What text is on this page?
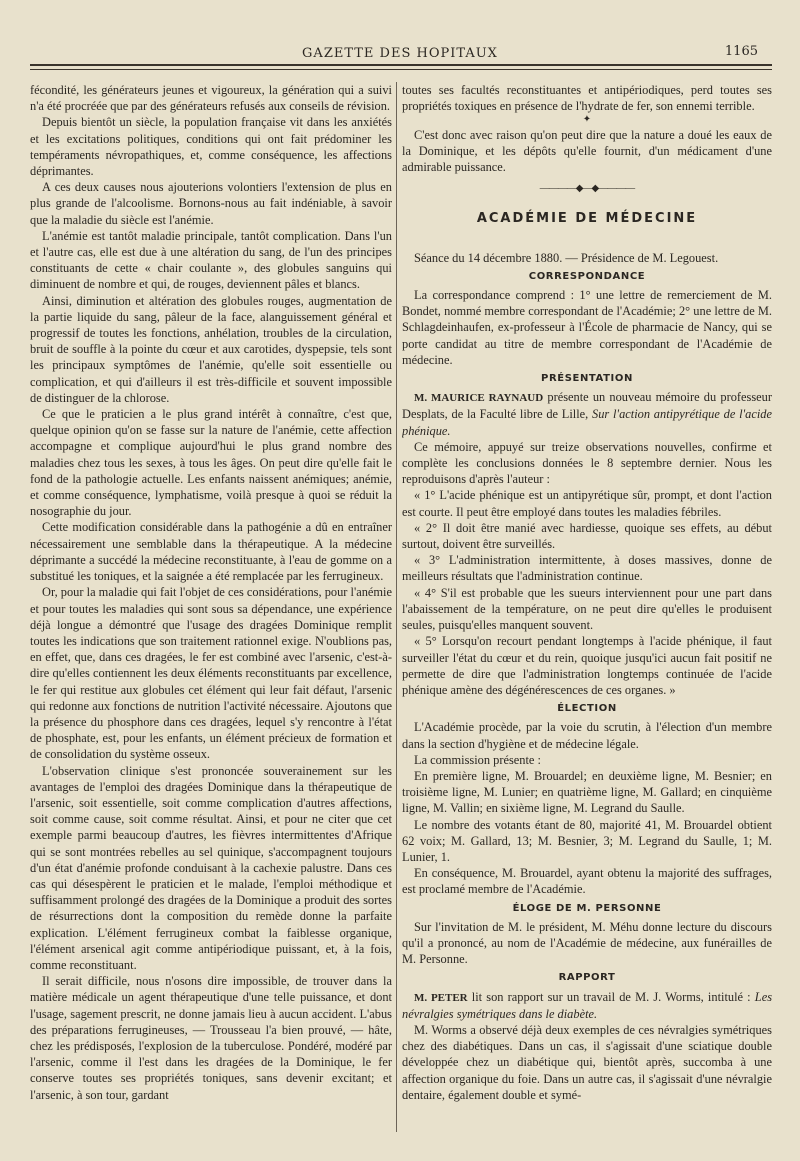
GAZETTE DES HOPITAUX	1165

fécondité, les générateurs jeunes et vigoureux, la génération qui a suivi n'a été procréée que par des générateurs refusés aux conseils de révision.

Depuis bientôt un siècle, la population française vit dans les anxiétés et les excitations politiques, conditions qui ont fait prédominer les tempéraments névropathiques, et, comme conséquence, les affections déprimantes.

A ces deux causes nous ajouterions volontiers l'extension de plus en plus grande de l'alcoolisme. Bornons-nous au fait indéniable, à savoir que la maladie du siècle est l'anémie.

L'anémie est tantôt maladie principale, tantôt complication. Dans l'un et l'autre cas, elle est due à une altération du sang, de l'un des principes constituants de cette « chair coulante », des globules sanguins qui diminuent de nombre et qui, de rouges, deviennent pâles et blancs.

Ainsi, diminution et altération des globules rouges, augmentation de la partie liquide du sang, pâleur de la face, alanguissement général et progressif de toutes les fonctions, anhélation, troubles de la circulation, bruit de souffle à la pointe du cœur et aux carotides, dyspepsie, tels sont les principaux symptômes de l'anémie, qu'elle soit essentielle ou complication, et qui d'ailleurs il est très-difficile et souvent impossible de distinguer de la chlorose.

Ce que le praticien a le plus grand intérêt à connaître, c'est que, quelque opinion qu'on se fasse sur la nature de l'anémie, cette affection accompagne et complique aujourd'hui le plus grand nombre des maladies chez tous les sexes, à tous les âges. On peut dire qu'elle fait le fond de la pathologie actuelle. Les enfants naissent anémiques; anémie, et comme conséquence, lymphatisme, voilà presque à quoi se réduit la nosographie du jour.

Cette modification considérable dans la pathogénie a dû en entraîner nécessairement une semblable dans la thérapeutique. A la médecine déprimante a succédé la médecine reconstituante, à l'eau de gomme on a substitué les toniques, et la saignée a été remplacée par les ferrugineux.

Or, pour la maladie qui fait l'objet de ces considérations, pour l'anémie et pour toutes les maladies qui sont sous sa dépendance, une expérience déjà longue a démontré que l'usage des dragées Dominique remplit toutes les indications que son traitement rationnel exige. N'oublions pas, en effet, que, dans ces dragées, le fer est combiné avec l'arsenic, c'est-à-dire qu'elles contiennent les deux éléments reconstituants par excellence, le fer qui restitue aux globules cet élément qui leur fait défaut, l'arsenic qui redonne aux fonctions de nutrition l'activité nécessaire. Ajoutons que la présence du phosphore dans ces dragées, lequel s'y rencontre à l'état de phosphate, est, pour les enfants, un élément précieux de formation et de consolidation du système osseux.

L'observation clinique s'est prononcée souverainement sur les avantages de l'emploi des dragées Dominique dans la thérapeutique de l'arsenic, soit essentielle, soit comme complication d'autres affections, soit comme cause, soit comme résultat. Ainsi, et pour ne citer que cet exemple parmi beaucoup d'autres, les fièvres intermittentes d'Afrique qui se sont montrées rebelles au sel quinique, s'accompagnent toujours d'un état d'anémie profonde conduisant à la cachexie palustre. Dans ces cas qui désespèrent le praticien et le malade, l'emploi méthodique et suffisamment prolongé des dragées de la Dominique a produit des sortes de résurrections dont la composition du remède donne la parfaite explication. L'élément ferrugineux combat la faiblesse organique, l'élément arsenical agit comme antipériodique puissant, et, à la fois, comme reconstituant.

Il serait difficile, nous n'osons dire impossible, de trouver dans la matière médicale un agent thérapeutique d'une telle puissance, et dont l'usage, sagement prescrit, ne donne jamais lieu à aucun accident. L'abus des préparations ferrugineuses, — Trousseau l'a bien prouvé, — hâte, chez les prédisposés, l'explosion de la tuberculose. Pondéré, modéré par l'arsenic, comme il l'est dans les dragées de la Dominique, le fer conserve toutes ses propriétés toniques, sans devenir excitant; et l'arsenic, à son tour, gardant

toutes ses facultés reconstituantes et antipériodiques, perd toutes ses propriétés toxiques en présence de l'hydrate de fer, son ennemi terrible.

✦

C'est donc avec raison qu'on peut dire que la nature a doué les eaux de la Dominique, et les dépôts qu'elle fournit, d'un médicament d'une admirable puissance.

————◆—◆————
ACADÉMIE DE MÉDECINE

Séance du 14 décembre 1880. — Présidence de M. Legouest.

CORRESPONDANCE

La correspondance comprend : 1° une lettre de remerciement de M. Bondet, nommé membre correspondant de l'Académie; 2° une lettre de M. Schlagdeinhaufen, ex-professeur à l'École de pharmacie de Nancy, qui se porte candidat au titre de membre correspondant de l'Académie de médecine.

PRÉSENTATION

M. MAURICE RAYNAUD présente un nouveau mémoire du professeur Desplats, de la Faculté libre de Lille, Sur l'action antipyrétique de l'acide phénique.

Ce mémoire, appuyé sur treize observations nouvelles, confirme et complète les conclusions données le 8 septembre dernier. Nous les reproduisons d'après l'auteur :

« 1° L'acide phénique est un antipyrétique sûr, prompt, et dont l'action est courte. Il peut être employé dans toutes les maladies fébriles.

« 2° Il doit être manié avec hardiesse, quoique ses effets, au début surtout, doivent être surveillés.

« 3° L'administration intermittente, à doses massives, donne de meilleurs résultats que l'administration continue.

« 4° S'il est probable que les sueurs interviennent pour une part dans l'abaissement de la température, on ne peut dire qu'elles le produisent seules, puisqu'elles manquent souvent.

« 5° Lorsqu'on recourt pendant longtemps à l'acide phénique, il faut surveiller l'état du cœur et du rein, quoique jusqu'ici aucun fait positif ne permette de dire que l'administration longtemps continuée de l'acide phénique amène des dégénérescences de ces organes. »

ÉLECTION

L'Académie procède, par la voie du scrutin, à l'élection d'un membre dans la section d'hygiène et de médecine légale.

La commission présente :

En première ligne, M. Brouardel; en deuxième ligne, M. Besnier; en troisième ligne, M. Lunier; en quatrième ligne, M. Gallard; en cinquième ligne, M. Vallin; en sixième ligne, M. Legrand du Saulle.

Le nombre des votants étant de 80, majorité 41, M. Brouardel obtient 62 voix; M. Gallard, 13; M. Besnier, 3; M. Legrand du Saulle, 1; M. Lunier, 1.

En conséquence, M. Brouardel, ayant obtenu la majorité des suffrages, est proclamé membre de l'Académie.

ÉLOGE DE M. PERSONNE

Sur l'invitation de M. le président, M. Méhu donne lecture du discours qu'il a prononcé, au nom de l'Académie de médecine, aux funérailles de M. Personne.

RAPPORT

M. PETER lit son rapport sur un travail de M. J. Worms, intitulé : Les névralgies symétriques dans le diabète.

M. Worms a observé déjà deux exemples de ces névralgies symétriques chez des diabétiques. Dans un cas, il s'agissait d'une sciatique double développée chez un diabétique qui, bientôt après, succomba à une affection organique du foie. Dans un autre cas, il s'agissait d'une névralgie dentaire, également double et symé-
